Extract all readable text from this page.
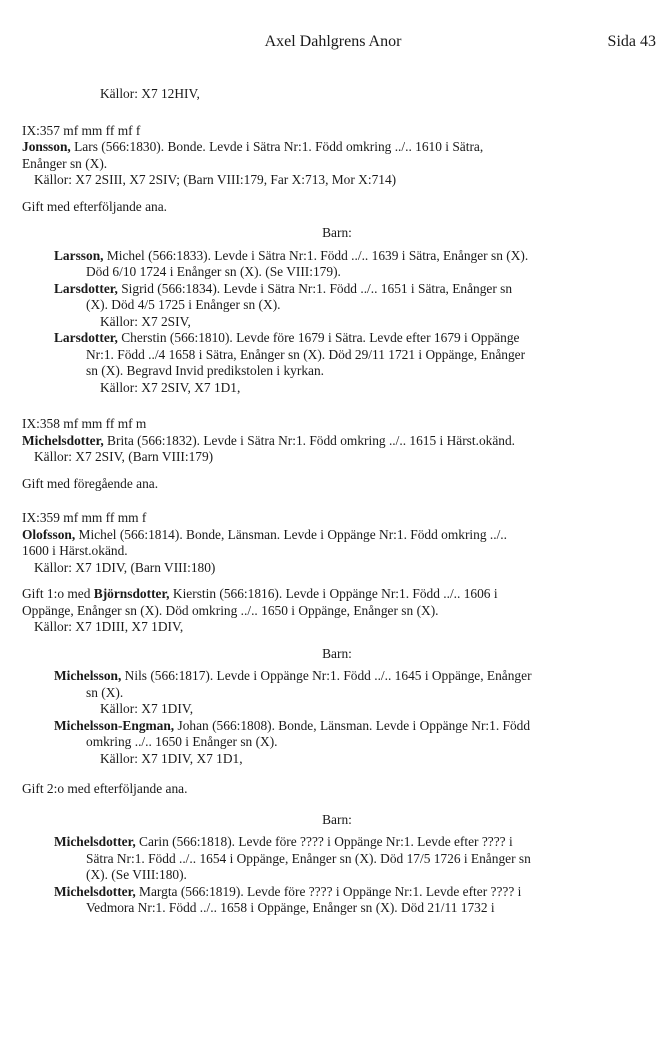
Axel Dahlgrens Anor	Sida 43
Källor: X7 12HIV,
IX:357 mf mm ff mf f
Jonsson, Lars (566:1830). Bonde. Levde i Sätra Nr:1. Född omkring ../.. 1610 i Sätra,
Enånger sn (X).
Källor: X7 2SIII, X7 2SIV; (Barn VIII:179, Far X:713, Mor X:714)
Gift med efterföljande ana.
Barn:
Larsson, Michel (566:1833). Levde i Sätra Nr:1. Född ../.. 1639 i Sätra, Enånger sn (X).
Död 6/10 1724 i Enånger sn (X). (Se VIII:179).
Larsdotter, Sigrid (566:1834). Levde i Sätra Nr:1. Född ../.. 1651 i Sätra, Enånger sn
(X). Död 4/5 1725 i Enånger sn (X).
Källor: X7 2SIV,
Larsdotter, Cherstin (566:1810). Levde före 1679 i Sätra. Levde efter 1679 i Oppänge
Nr:1. Född ../4 1658 i Sätra, Enånger sn (X). Död 29/11 1721 i Oppänge, Enånger
sn (X). Begravd Invid predikstolen i kyrkan.
Källor: X7 2SIV, X7 1D1,
IX:358 mf mm ff mf m
Michelsdotter, Brita (566:1832). Levde i Sätra Nr:1. Född omkring ../.. 1615 i Härst.okänd.
Källor: X7 2SIV, (Barn VIII:179)
Gift med föregående ana.
IX:359 mf mm ff mm f
Olofsson, Michel (566:1814). Bonde, Länsman. Levde i Oppänge Nr:1. Född omkring ../..
1600 i Härst.okänd.
Källor: X7 1DIV, (Barn VIII:180)
Gift 1:o med Björnsdotter, Kierstin (566:1816). Levde i Oppänge Nr:1. Född ../.. 1606 i
Oppänge, Enånger sn (X). Död omkring ../.. 1650 i Oppänge, Enånger sn (X).
Källor: X7 1DIII, X7 1DIV,
Barn:
Michelsson, Nils (566:1817). Levde i Oppänge Nr:1. Född ../.. 1645 i Oppänge, Enånger
sn (X).
Källor: X7 1DIV,
Michelsson-Engman, Johan (566:1808). Bonde, Länsman. Levde i Oppänge Nr:1. Född
omkring ../.. 1650 i Enånger sn (X).
Källor: X7 1DIV, X7 1D1,
Gift 2:o med efterföljande ana.
Barn:
Michelsdotter, Carin (566:1818). Levde före ???? i Oppänge Nr:1. Levde efter ???? i
Sätra Nr:1. Född ../.. 1654 i Oppänge, Enånger sn (X). Död 17/5 1726 i Enånger sn
(X). (Se VIII:180).
Michelsdotter, Margta (566:1819). Levde före ???? i Oppänge Nr:1. Levde efter ???? i
Vedmora Nr:1. Född ../.. 1658 i Oppänge, Enånger sn (X). Död 21/11 1732 i
